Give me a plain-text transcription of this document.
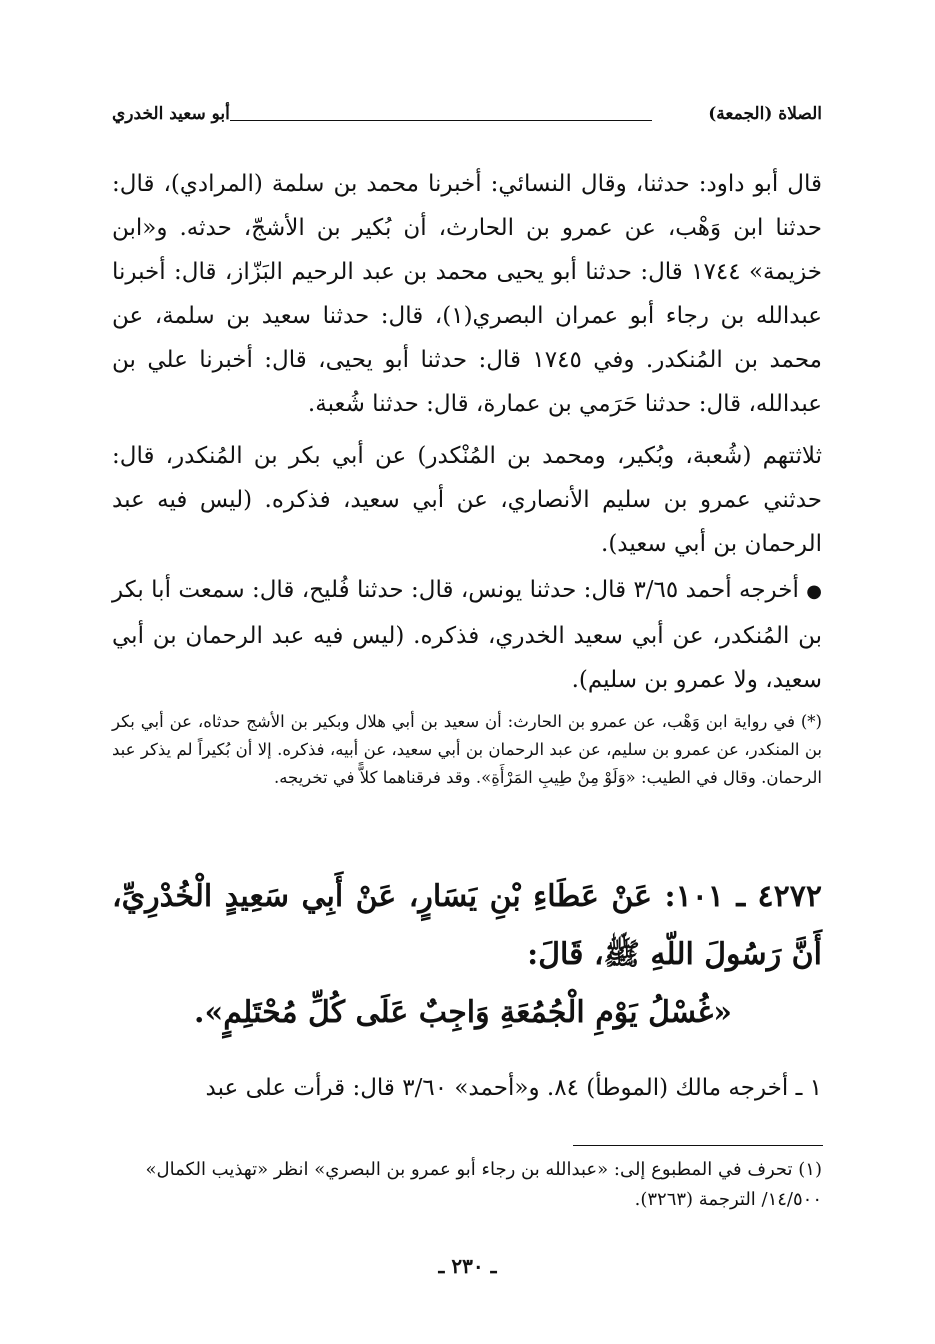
الصلاة (الجمعة)
أبو سعيد الخدري

قال أبو داود: حدثنا، وقال النسائي: أخبرنا محمد بن سلمة (المرادي)، قال: حدثنا ابن وَهْب، عن عمرو بن الحارث، أن بُكير بن الأشجّ، حدثه. و«ابن خزيمة» ١٧٤٤ قال: حدثنا أبو يحيى محمد بن عبد الرحيم البَزّاز، قال: أخبرنا عبدالله بن رجاء أبو عمران البصري(١)، قال: حدثنا سعيد بن سلمة، عن محمد بن المُنكدر. وفي ١٧٤٥ قال: حدثنا أبو يحيى، قال: أخبرنا علي بن عبدالله، قال: حدثنا حَرَمي بن عمارة، قال: حدثنا شُعبة.

ثلاثتهم (شُعبة، وبُكير، ومحمد بن المُنْكدر) عن أبي بكر بن المُنكدر، قال: حدثني عمرو بن سليم الأنصاري، عن أبي سعيد، فذكره. (ليس فيه عبد الرحمان بن أبي سعيد).

● أخرجه أحمد ٣/٦٥ قال: حدثنا يونس، قال: حدثنا فُليح، قال: سمعت أبا بكر بن المُنكدر، عن أبي سعيد الخدري، فذكره. (ليس فيه عبد الرحمان بن أبي سعيد، ولا عمرو بن سليم).

(*) في رواية ابن وَهْب، عن عمرو بن الحارث: أن سعيد بن أبي هلال وبكير بن الأشج حدثاه، عن أبي بكر بن المنكدر، عن عمرو بن سليم، عن عبد الرحمان بن أبي سعيد، عن أبيه، فذكره. إلا أن بُكيراً لم يذكر عبد الرحمان. وقال في الطيب: «وَلَوْ مِنْ طِيبِ المَرْأَةِ». وقد فرقناهما كلاًّ في تخريجه.

٤٢٧٢ ـ ١٠١: عَنْ عَطَاءِ بْنِ يَسَارٍ، عَنْ أَبِي سَعِيدٍ الْخُدْرِيِّ، أَنَّ رَسُولَ اللّهِ ﷺ، قَالَ:

«غُسْلُ يَوْمِ الْجُمُعَةِ وَاجِبٌ عَلَى كُلِّ مُحْتَلِمٍ».

١ ـ أخرجه مالك (الموطأ) ٨٤. و«أحمد» ٣/٦٠ قال: قرأت على عبد

(١) تحرف في المطبوع إلى: «عبدالله بن رجاء أبو عمرو بن البصري» انظر «تهذيب الكمال» ١٤/٥٠٠/ الترجمة (٣٢٦٣).

ـ ٢٣٠ ـ
